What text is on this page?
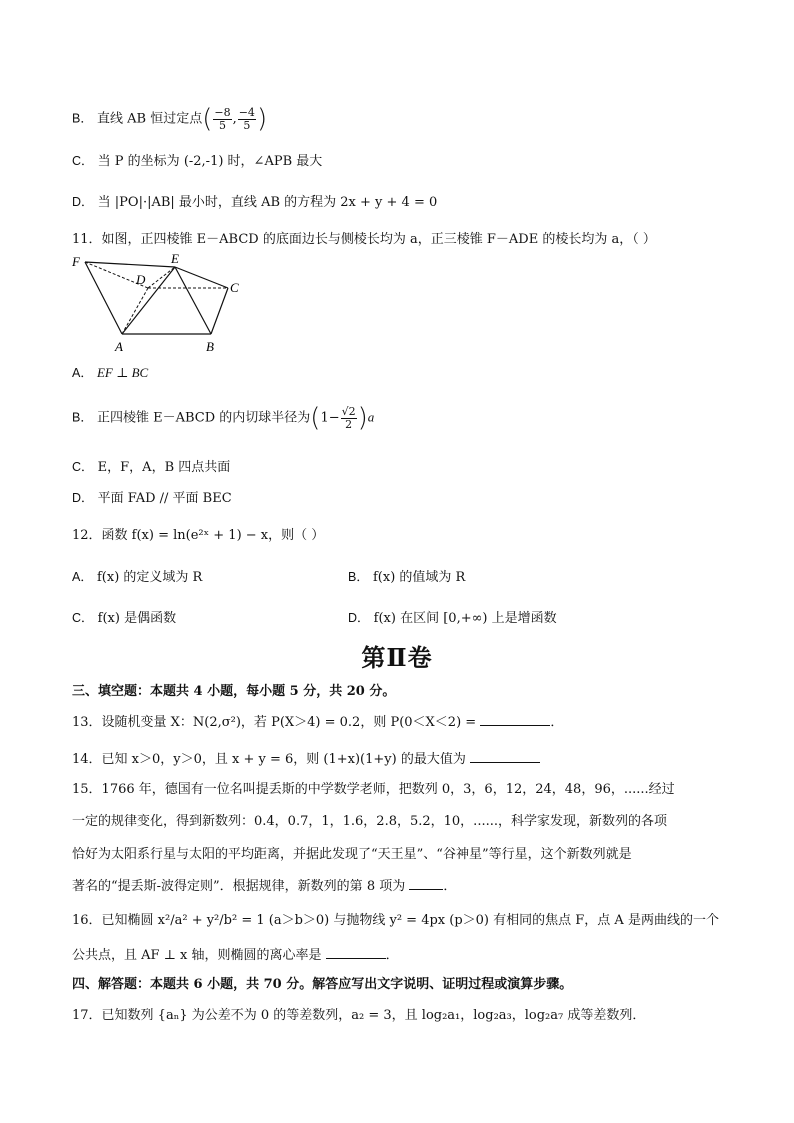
B． 直线 AB 恒过定点( $\frac{-8}{5}$ , $\frac{-4}{5}$ )
C． 当 P 的坐标为 (-2,-1) 时，∠APB 最大
D． 当 |PO|·|AB| 最小时，直线 AB 的方程为 2x + y + 4 = 0
11．如图，正四棱锥 E－ABCD 的底面边长与侧棱长均为 a，正三棱锥 F－ADE 的棱长均为 a，（ ）
F	E
D
C
A	B
A． EF ⊥ BC
B． 正四棱锥 E－ABCD 的内切球半径为$(1- \frac{√2}{2} )a$
C． E，F，A，B 四点共面
D． 平面 FAD // 平面 BEC
12．函数 f(x) = ln(e²ˣ + 1) − x，则（ ）
A． f(x) 的定义域为 R	B． f(x) 的值域为 R
C． f(x) 是偶函数	D． f(x) 在区间 [0,+∞) 上是增函数
第Ⅱ卷
三、填空题：本题共 4 小题，每小题 5 分，共 20 分。
13．设随机变量 X：N(2,σ²)，若 P(X＞4) = 0.2，则 P(0＜X＜2) =	．
14．已知 x＞0，y＞0，且 x + y = 6，则 (1+x)(1+y) 的最大值为
15．1766 年，德国有一位名叫提丢斯的中学数学老师，把数列 0，3，6，12，24，48，96，......经过
一定的规律变化，得到新数列：0.4，0.7，1，1.6，2.8，5.2，10，......，科学家发现，新数列的各项
恰好为太阳系行星与太阳的平均距离，并据此发现了“天王星”、“谷神星”等行星，这个新数列就是
著名的“提丢斯-波得定则”．根据规律，新数列的第 8 项为	．
16．已知椭圆 x²/a² + y²/b² = 1 (a＞b＞0) 与抛物线 y² = 4px (p＞0) 有相同的焦点 F，点 A 是两曲线的一个
公共点，且 AF ⊥ x 轴，则椭圆的离心率是	．
四、解答题：本题共 6 小题，共 70 分。解答应写出文字说明、证明过程或演算步骤。
17．已知数列 {aₙ} 为公差不为 0 的等差数列，a₂ = 3，且 log₂a₁，log₂a₃，log₂a₇ 成等差数列．
